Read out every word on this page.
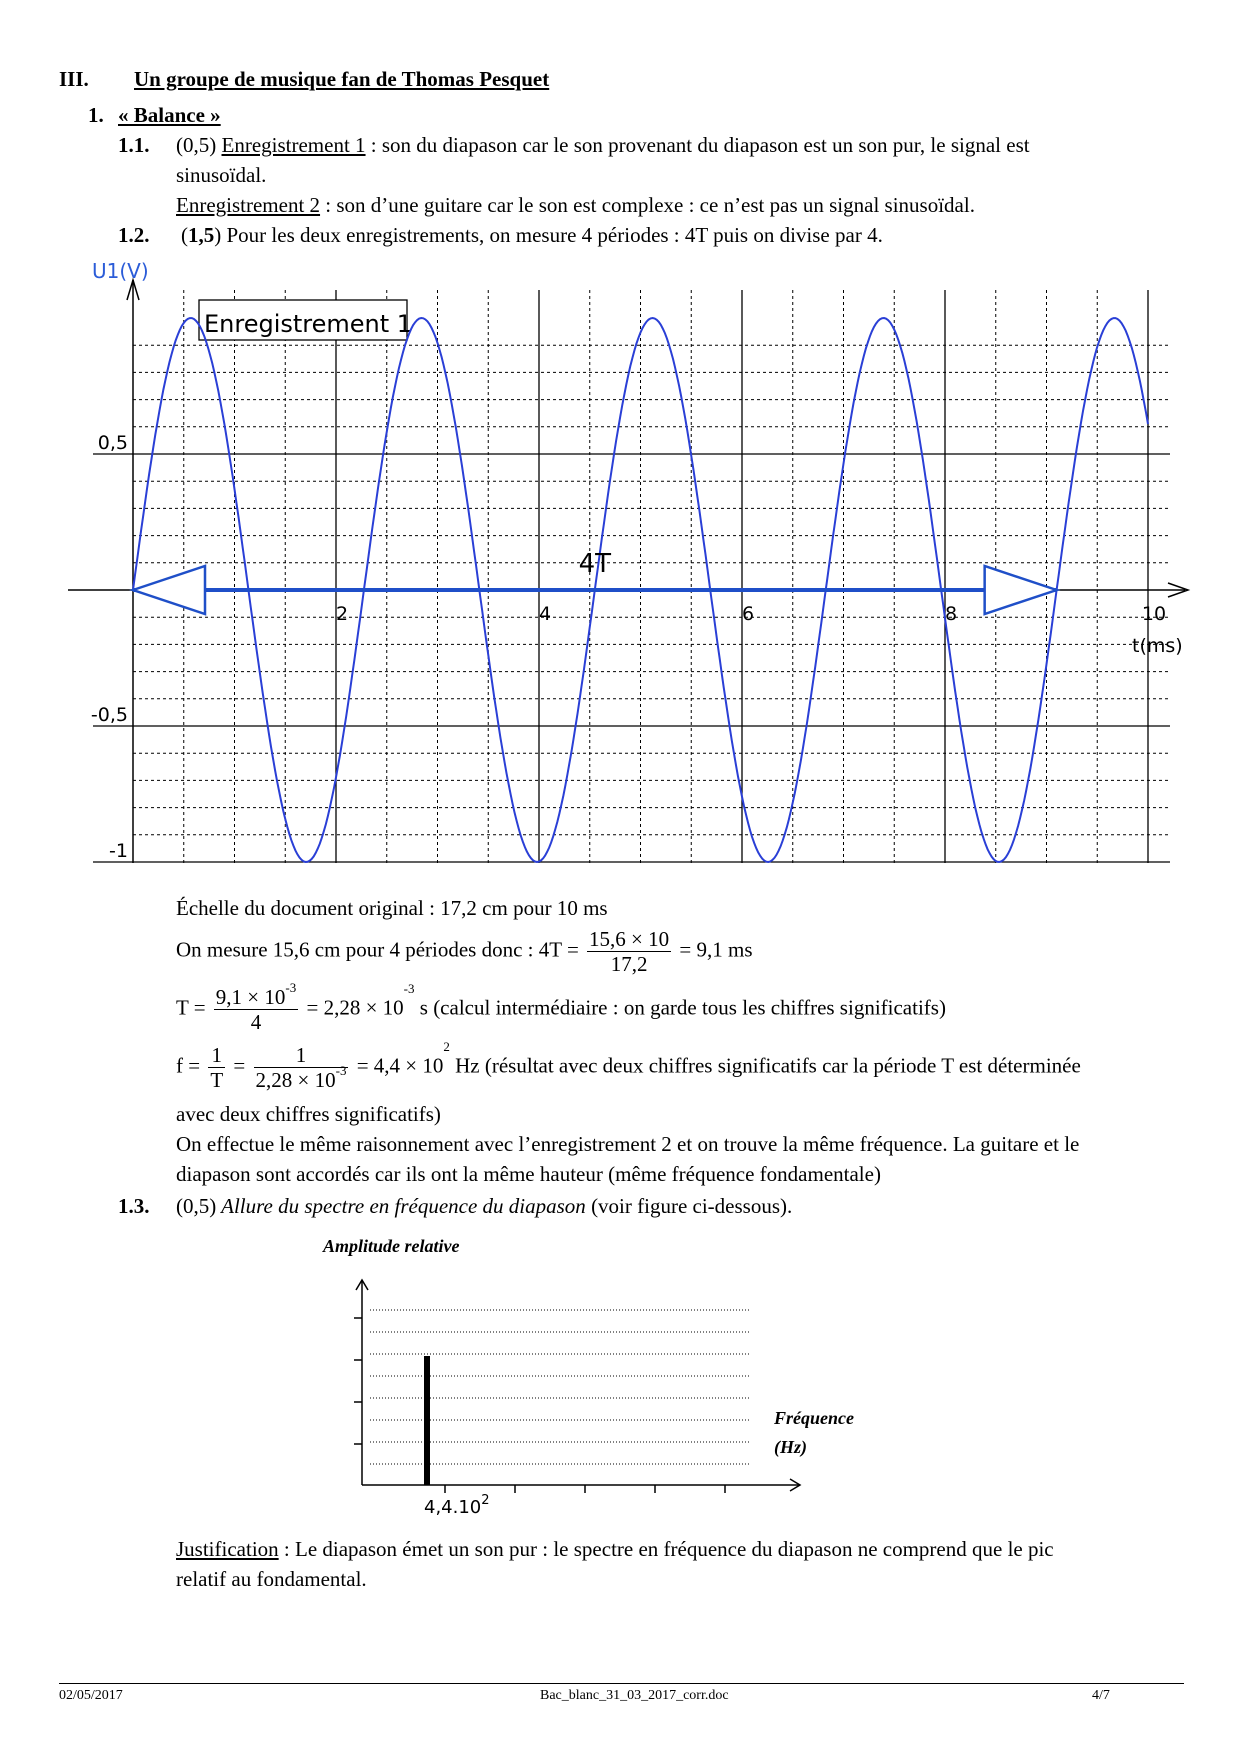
III. Un groupe de musique fan de Thomas Pesquet
1. « Balance »
1.1. (0,5) Enregistrement 1 : son du diapason car le son provenant du diapason est un son pur, le signal est
sinusoïdal.
Enregistrement 2 : son d’une guitare car le son est complexe : ce n’est pas un signal sinusoïdal.
1.2. (1,5) Pour les deux enregistrements, on mesure 4 périodes : 4T puis on divise par 4.
U1(V)
0,5
-0,5
-1
2	4	6	8	10
t(ms)
Enregistrement 1
4T
Échelle du document original : 17,2 cm pour 10 ms
On mesure 15,6 cm pour 4 périodes donc : $4T = \frac{15,6 \times 10}{17,2} = 9,1$ ms
$T = \frac{9,1 \times 10^{-3}}{4} = 2,28 \times 10^{-3}$ s (calcul intermédiaire : on garde tous les chiffres significatifs)
$f = \frac{1}{T} = \frac{1}{2,28 \times 10^{-3}} = 4,4 \times 10^2$ Hz (résultat avec deux chiffres significatifs car la période T est déterminée
avec deux chiffres significatifs)
On effectue le même raisonnement avec l’enregistrement 2 et on trouve la même fréquence. La guitare et le
diapason sont accordés car ils ont la même hauteur (même fréquence fondamentale)
1.3. (0,5) Allure du spectre en fréquence du diapason (voir figure ci-dessous).
Amplitude relative
Fréquence
(Hz)
4,4.10$^2$
Justification : Le diapason émet un son pur : le spectre en fréquence du diapason ne comprend que le pic
relatif au fondamental.
02/05/2017	Bac_blanc_31_03_2017_corr.doc	4/7
